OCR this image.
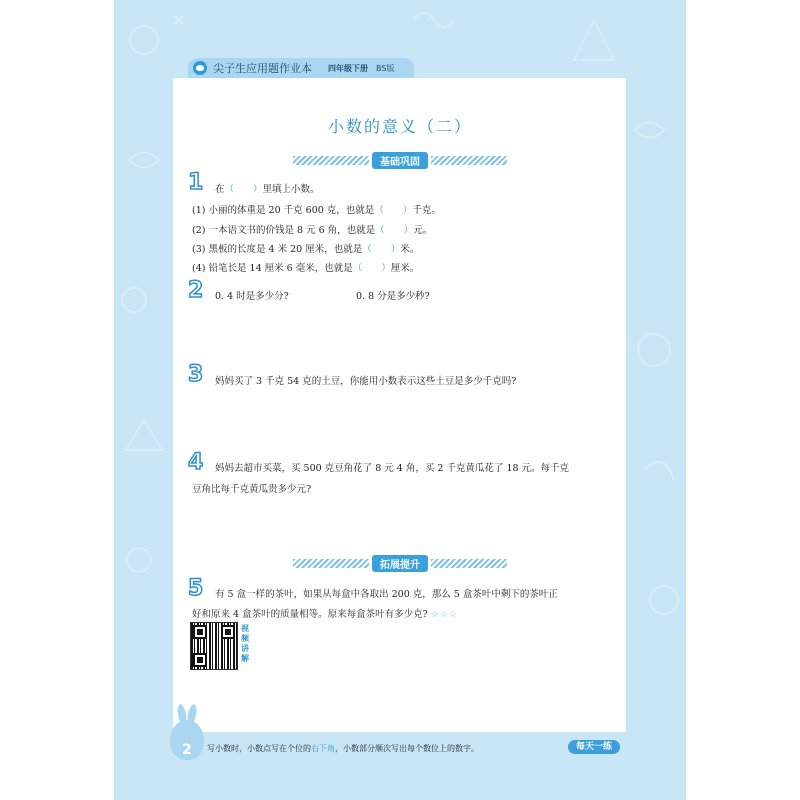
尖子生应用题作业本 四年级下册 BS版
小数的意义（二）
基础巩固
1 在（　　）里填上小数。
(1) 小丽的体重是 20 千克 600 克，也就是（　　）千克。
(2) 一本语文书的价钱是 8 元 6 角，也就是（　　）元。
(3) 黑板的长度是 4 米 20 厘米，也就是（　　）米。
(4) 铅笔长是 14 厘米 6 毫米，也就是（　　）厘米。
2 0. 4 时是多少分?	0. 8 分是多少秒?
3 妈妈买了 3 千克 54 克的土豆，你能用小数表示这些土豆是多少千克吗?
4 妈妈去超市买菜，买 500 克豆角花了 8 元 4 角，买 2 千克黄瓜花了 18 元。每千克
豆角比每千克黄瓜贵多少元?
拓展提升
5 有 5 盒一样的茶叶，如果从每盒中各取出 200 克，那么 5 盒茶叶中剩下的茶叶正
好和原来 4 盒茶叶的质量相等。原来每盒茶叶有多少克? ☆☆☆
视
频
讲
解
2 写小数时，小数点写在个位的右下角，小数部分顺次写出每个数位上的数字。	每天一练
